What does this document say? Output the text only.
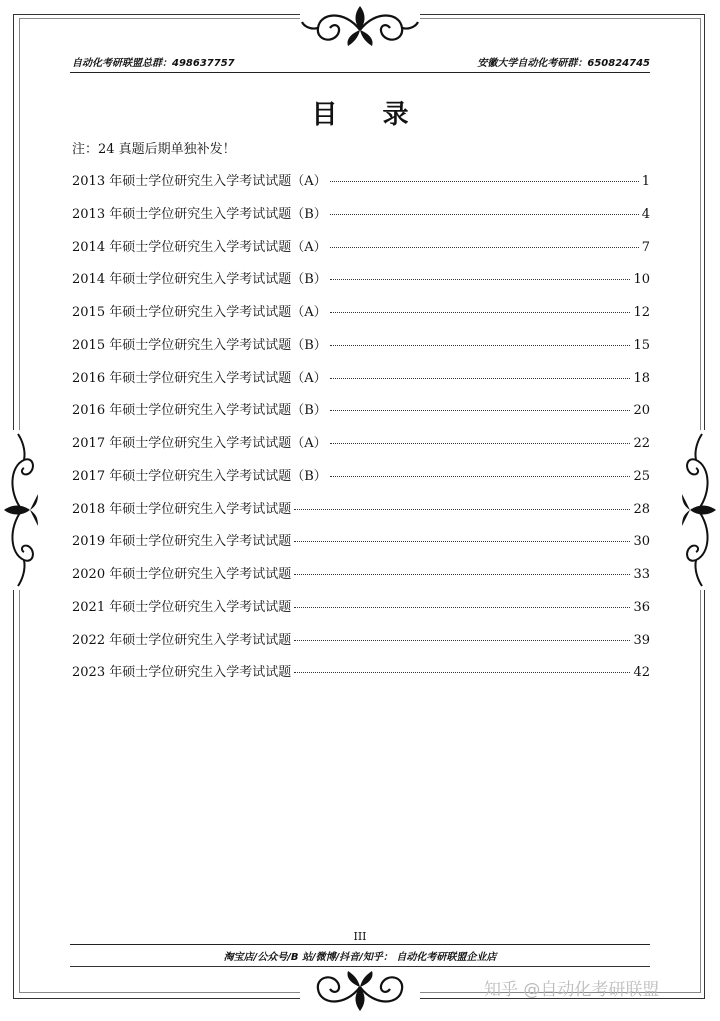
自动化考研联盟总群：498637757	安徽大学自动化考研群：650824745
目 录
注：24 真题后期单独补发！
2013 年硕士学位研究生入学考试试题（A）	1
2013 年硕士学位研究生入学考试试题（B）	4
2014 年硕士学位研究生入学考试试题（A）	7
2014 年硕士学位研究生入学考试试题（B）	10
2015 年硕士学位研究生入学考试试题（A）	12
2015 年硕士学位研究生入学考试试题（B）	15
2016 年硕士学位研究生入学考试试题（A）	18
2016 年硕士学位研究生入学考试试题（B）	20
2017 年硕士学位研究生入学考试试题（A）	22
2017 年硕士学位研究生入学考试试题（B）	25
2018 年硕士学位研究生入学考试试题	28
2019 年硕士学位研究生入学考试试题	30
2020 年硕士学位研究生入学考试试题	33
2021 年硕士学位研究生入学考试试题	36
2022 年硕士学位研究生入学考试试题	39
2023 年硕士学位研究生入学考试试题	42
III
淘宝店/公众号/B 站/微博/抖音/知乎： 自动化考研联盟企业店
知乎 @自动化考研联盟
